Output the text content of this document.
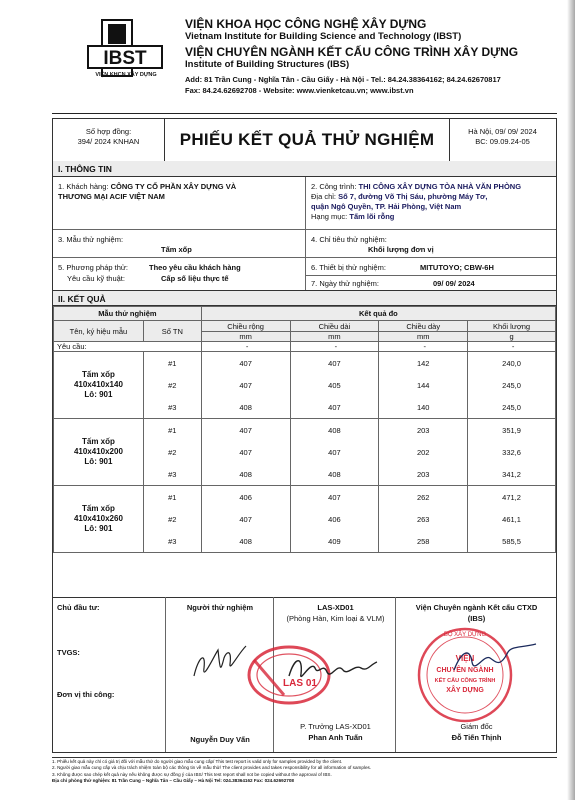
IBST
VIỆN KHCN XÂY DỰNG
VIỆN KHOA HỌC CÔNG NGHỆ XÂY DỰNG
Vietnam Institute for Building Science and Technology (IBST)
VIỆN CHUYÊN NGÀNH KẾT CẤU CÔNG TRÌNH XÂY DỰNG
Institute of Building Structures (IBS)
Add: 81 Trần Cung - Nghĩa Tân - Cầu Giấy - Hà Nội - Tel.: 84.24.38364162; 84.24.62670817
Fax: 84.24.62692708 - Website: www.vienketcau.vn; www.ibst.vn
Số hợp đồng:
394/ 2024 KNHAN	PHIẾU KẾT QUẢ THỬ NGHIỆM	Hà Nội, 09/ 09/ 2024
BC: 09.09.24-05
I. THÔNG TIN
1. Khách hàng: CÔNG TY CỔ PHẦN XÂY DỰNG VÀ
THƯƠNG MẠI ACIF VIỆT NAM
2. Công trình: THI CÔNG XÂY DỰNG TÒA NHÀ VĂN PHÒNG
Địa chỉ: Số 7, đường Võ Thị Sáu, phường Máy Tơ,
quận Ngô Quyền, TP. Hải Phòng, Việt Nam
Hạng mục: Tấm lõi rỗng
3. Mẫu thử nghiệm:
Tấm xốp
4. Chỉ tiêu thử nghiệm:
Khối lượng đơn vị
5. Phương pháp thử:	Theo yêu cầu khách hàng
Yêu cầu kỹ thuật:	Cấp số liệu thực tế
6. Thiết bị thử nghiệm:	MITUTOYO; CBW-6H
7. Ngày thử nghiệm:	09/ 09/ 2024
II. KẾT QUẢ
Mẫu thử nghiệm		Kết quả đo			
Tên, ký hiệu mẫu	Số TN	Chiều rộng	Chiều dài	Chiều dày	Khối lượng
		mm	mm	mm	g
Yêu cầu:		-	-	-	-

Tấm xốp
410x410x140
Lô: 901	#1	407	407	142	240,0
	#2	407	405	144	245,0
	#3	408	407	140	245,0

Tấm xốp
410x410x200
Lô: 901	#1	407	408	203	351,9
	#2	407	407	202	332,6
	#3	408	408	203	341,2

Tấm xốp
410x410x260
Lô: 901	#1	406	407	262	471,2
	#2	407	406	263	461,1
	#3	408	409	258	585,5
Chủ đầu tư:
TVGS:
Đơn vị thi công:
Người thử nghiệm
Nguyễn Duy Vấn
LAS-XD01
(Phòng Hàn, Kim loại & VLM)
P. Trưởng LAS-XD01
Phan Anh Tuấn
Viện Chuyên ngành Kết cấu CTXD
(IBS)
Giám đốc
Đỗ Tiến Thịnh
LAS 01
BỘ XÂY DỰNG
VIỆN
CHUYÊN NGÀNH
KẾT CẤU CÔNG TRÌNH
XÂY DỰNG
1. Phiếu kết quả này chỉ có giá trị đối với mẫu thử do người giao mẫu cung cấp/ This test report is valid only for samples provided by the client.
2. Người giao mẫu cung cấp và chịu trách nhiệm toàn bộ các thông tin về mẫu thử/ The client provides and takes responsibility for all information of samples.
3. Không được sao chép kết quả này nếu không được sự đồng ý của IBS/ This test report shall not be copied without the approval of IBS.
Địa chỉ phòng thử nghiệm: 81 Trần Cung – Nghĩa Tân – Cầu Giấy – Hà Nội Tel: 024.38364162 Fax: 024.62692708
